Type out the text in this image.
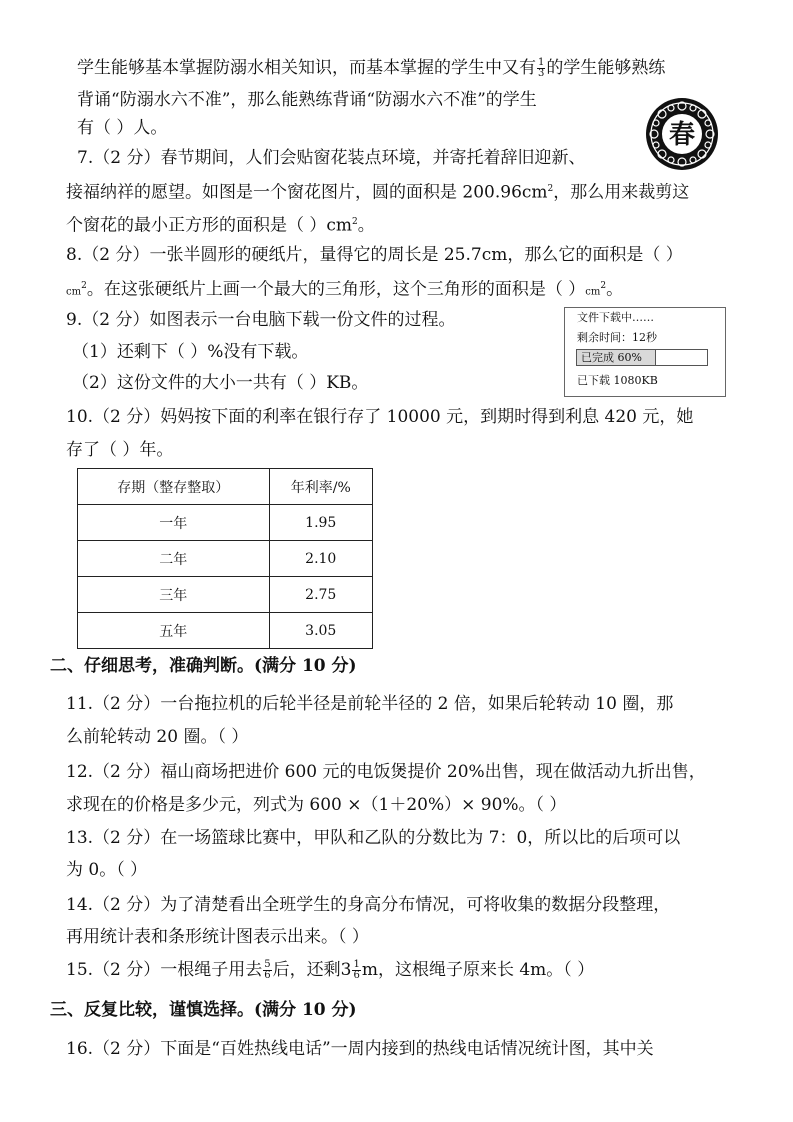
学生能够基本掌握防溺水相关知识，而基本掌握的学生中又有 $\frac{1}{3}$ 的学生能够熟练
背诵“防溺水六不准”，那么能熟练背诵“防溺水六不准”的学生
有（ ）人。	春
7.（2 分）春节期间，人们会贴窗花装点环境，并寄托着辞旧迎新、
接福纳祥的愿望。如图是一个窗花图片，圆的面积是 $200.96cm^2$，那么用来裁剪这
个窗花的最小正方形的面积是（ ）$cm^2$。
8.（2 分）一张半圆形的硬纸片，量得它的周长是 25.7cm，那么它的面积是（ ）
$cm^2$。在这张硬纸片上画一个最大的三角形，这个三角形的面积是（ ）$cm^2$。
9.（2 分）如图表示一台电脑下载一份文件的过程。
（1）还剩下（ ）%没有下载。
（2）这份文件的大小一共有（ ）KB。
文件下载中……
剩余时间：12秒
已完成 60%
已下载 1080KB
10.（2 分）妈妈按下面的利率在银行存了 10000 元，到期时得到利息 420 元，她
存了（ ）年。
存期（整存整取）	年利率/%
一年	1.95
二年	2.10
三年	2.75
五年	3.05
二、仔细思考，准确判断。(满分 10 分)
11.（2 分）一台拖拉机的后轮半径是前轮半径的 2 倍，如果后轮转动 10 圈，那
么前轮转动 20 圈。（ ）
12.（2 分）福山商场把进价 600 元的电饭煲提价 20%出售，现在做活动九折出售，
求现在的价格是多少元，列式为 600 ×（1＋20%）× 90%。（ ）
13.（2 分）在一场篮球比赛中，甲队和乙队的分数比为 7：0，所以比的后项可以
为 0。（ ）
14.（2 分）为了清楚看出全班学生的身高分布情况，可将收集的数据分段整理，
再用统计表和条形统计图表示出来。（ ）
15.（2 分）一根绳子用去 $\frac{5}{6}$ 后，还剩$3 \frac{1}{6}$ m，这根绳子原来长 4m。（ ）
三、反复比较，谨慎选择。(满分 10 分)
16.（2 分）下面是“百姓热线电话”一周内接到的热线电话情况统计图，其中关
